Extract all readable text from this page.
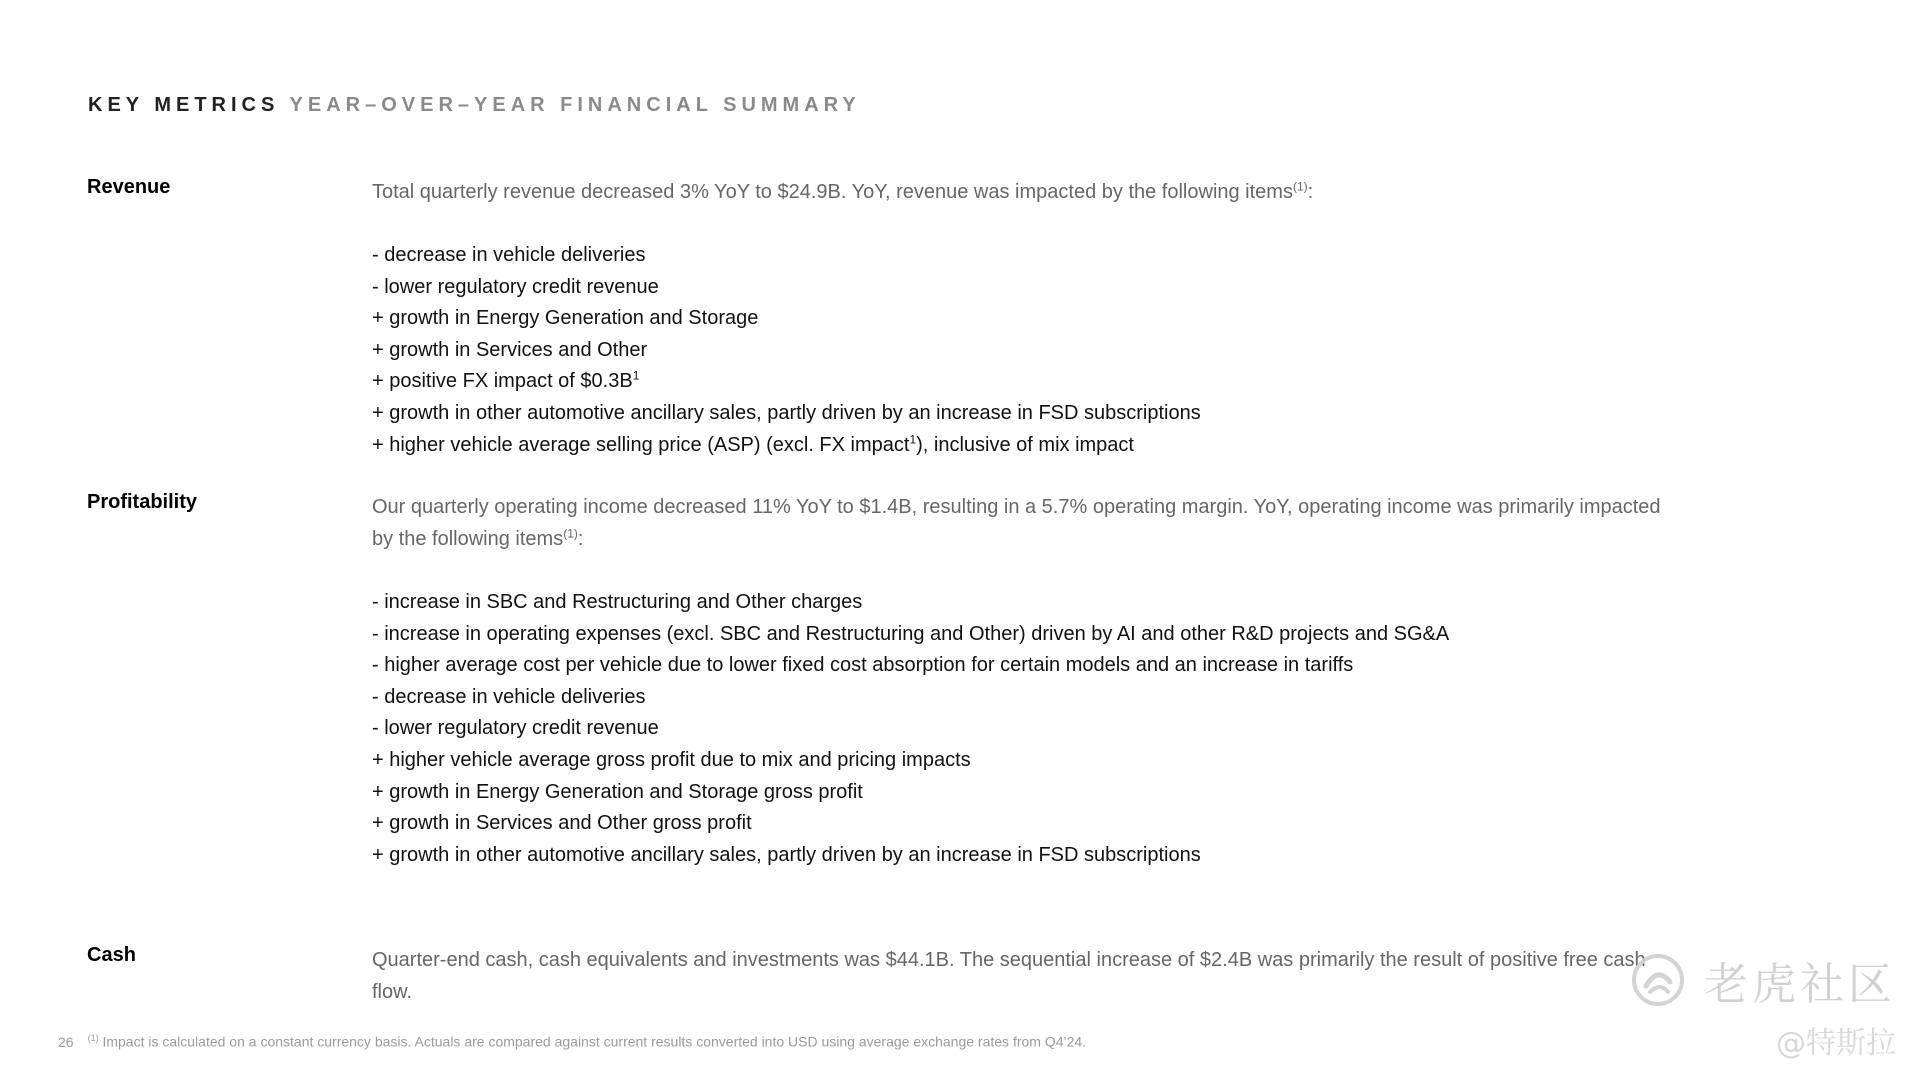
KEY METRICS YEAR–OVER–YEAR FINANCIAL SUMMARY
Revenue	Total quarterly revenue decreased 3% YoY to $24.9B. YoY, revenue was impacted by the following items$^{(1)}$:

- decrease in vehicle deliveries
- lower regulatory credit revenue
+ growth in Energy Generation and Storage
+ growth in Services and Other
+ positive FX impact of $\$0.3B^1$
+ growth in other automotive ancillary sales, partly driven by an increase in FSD subscriptions
+ higher vehicle average selling price (ASP) (excl. FX impact$^1$), inclusive of mix impact
Profitability	Our quarterly operating income decreased 11% YoY to $1.4B, resulting in a 5.7% operating margin. YoY, operating income was primarily impacted by the following items$^{(1)}$:

- increase in SBC and Restructuring and Other charges
- increase in operating expenses (excl. SBC and Restructuring and Other) driven by AI and other R&D projects and SG&A
- higher average cost per vehicle due to lower fixed cost absorption for certain models and an increase in tariffs
- decrease in vehicle deliveries
- lower regulatory credit revenue
+ higher vehicle average gross profit due to mix and pricing impacts
+ growth in Energy Generation and Storage gross profit
+ growth in Services and Other gross profit
+ growth in other automotive ancillary sales, partly driven by an increase in FSD subscriptions
Cash	Quarter-end cash, cash equivalents and investments was $44.1B. The sequential increase of $2.4B was primarily the result of positive free cash flow.

26 $^{(1)}$ Impact is calculated on a constant currency basis. Actuals are compared against current results converted into USD using average exchange rates from Q4’24.
老虎社区
@特斯拉
